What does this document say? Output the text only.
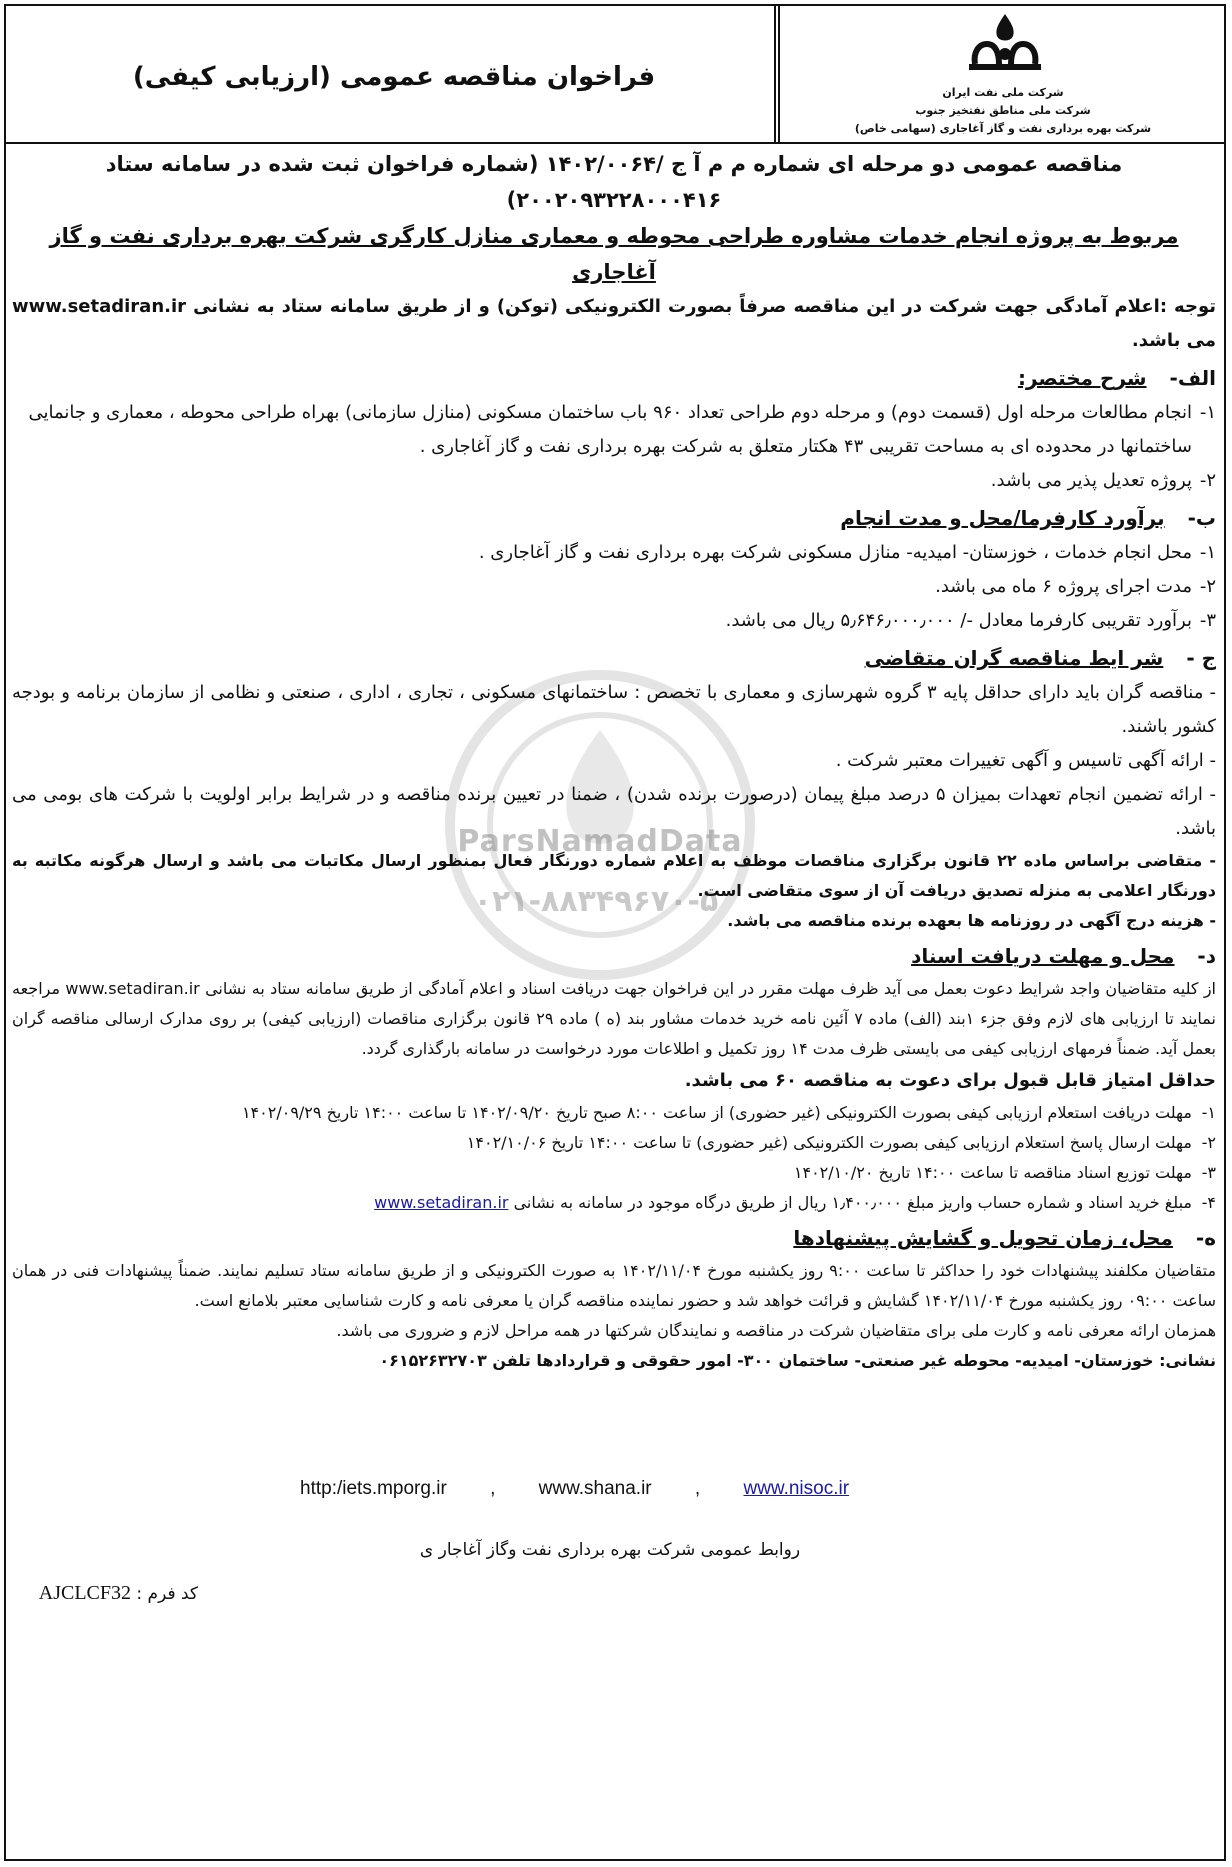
فراخوان مناقصه عمومی (ارزیابی کیفی)
شرکت ملی نفت ایران
شرکت ملی مناطق نفتخیز جنوب
شرکت بهره برداری نفت و گاز آغاجاری (سهامی خاص)
ParsNamadData
۰۲۱-۸۸۳۴۹۶۷۰-۵
مناقصه عمومی دو مرحله ای شماره م م آ ج /۱۴۰۲/۰۰۶۴ (شماره فراخوان ثبت شده در سامانه ستاد ۲۰۰۲۰۹۳۲۲۸۰۰۰۴۱۶)
مربوط به پروژه انجام خدمات مشاوره طراحی محوطه و معماری منازل کارگری شرکت بهره برداری نفت و گاز آغاجاری

توجه :اعلام آمادگی جهت شرکت در این مناقصه صرفاً بصورت الکترونیکی (توکن) و از طریق سامانه ستاد به نشانی www.setadiran.ir می باشد.

الف- شرح مختصر:
۱-
انجام مطالعات مرحله اول (قسمت دوم) و مرحله دوم طراحی تعداد ۹۶۰ باب ساختمان مسکونی (منازل سازمانی) بهراه طراحی محوطه ، معماری و جانمایی ساختمانها در محدوده ای به مساحت تقریبی ۴۳ هکتار متعلق به شرکت بهره برداری نفت و گاز آغاجاری .
۲-
پروژه تعدیل پذیر می باشد.
ب- برآورد کارفرما/محل و مدت انجام
۱-
محل انجام خدمات ، خوزستان- امیدیه- منازل مسکونی شرکت بهره برداری نفت و گاز آغاجاری .
۲-
مدت اجرای پروژه ۶ ماه می باشد.
۳-
برآورد تقریبی کارفرما معادل -/ ۵٫۶۴۶٫۰۰۰٫۰۰۰ ریال می باشد.
ج - شر ایط مناقصه گران متقاضی

- مناقصه گران باید دارای حداقل پایه ۳ گروه شهرسازی و معماری با تخصص : ساختمانهای مسکونی ، تجاری ، اداری ، صنعتی و نظامی از سازمان برنامه و بودجه کشور باشند.

- ارائه آگهی تاسیس و آگهی تغییرات معتبر شرکت .

- ارائه تضمین انجام تعهدات بمیزان ۵ درصد مبلغ پیمان (درصورت برنده شدن) ، ضمنا در تعیین برنده مناقصه و در شرایط برابر اولویت با شرکت های بومی می باشد.

- متقاضی براساس ماده ۲۲ قانون برگزاری مناقصات موظف به اعلام شماره دورنگار فعال بمنظور ارسال مکاتبات می باشد و ارسال هرگونه مکاتبه به دورنگار اعلامی به منزله تصدیق دریافت آن از سوی متقاضی است.

- هزینه درج آگهی در روزنامه ها بعهده برنده مناقصه می باشد.

د- محل و مهلت دریافت اسناد

از کلیه متقاضیان واجد شرایط دعوت بعمل می آید ظرف مهلت مقرر در این فراخوان جهت دریافت اسناد و اعلام آمادگی از طریق سامانه ستاد به نشانی www.setadiran.ir مراجعه نمایند تا ارزیابی های لازم وفق جزء ۱بند (الف) ماده ۷ آئین نامه خرید خدمات مشاور بند (ه ) ماده ۲۹ قانون برگزاری مناقصات (ارزیابی کیفی) بر روی مدارک ارسالی مناقصه گران بعمل آید. ضمناً فرمهای ارزیابی کیفی می بایستی ظرف مدت ۱۴ روز تکمیل و اطلاعات مورد درخواست در سامانه بارگذاری گردد.

حداقل امتیاز قابل قبول برای دعوت به مناقصه ۶۰ می باشد.

۱-
مهلت دریافت استعلام ارزیابی کیفی بصورت الکترونیکی (غیر حضوری) از ساعت ۸:۰۰ صبح تاریخ ۱۴۰۲/۰۹/۲۰ تا ساعت ۱۴:۰۰ تاریخ ۱۴۰۲/۰۹/۲۹
۲-
مهلت ارسال پاسخ استعلام ارزیابی کیفی بصورت الکترونیکی (غیر حضوری) تا ساعت ۱۴:۰۰ تاریخ ۱۴۰۲/۱۰/۰۶
۳-
مهلت توزیع اسناد مناقصه تا ساعت ۱۴:۰۰ تاریخ ۱۴۰۲/۱۰/۲۰
۴-
مبلغ خرید اسناد و شماره حساب واریز مبلغ ۱٫۴۰۰٫۰۰۰ ریال از طریق درگاه موجود در سامانه به نشانی www.setadiran.ir
ه- محل، زمان تحویل و گشایش پیشنهادها

متقاضیان مکلفند پیشنهادات خود را حداکثر تا ساعت ۹:۰۰ روز یکشنبه مورخ ۱۴۰۲/۱۱/۰۴ به صورت الکترونیکی و از طریق سامانه ستاد تسلیم نمایند. ضمناً پیشنهادات فنی در همان ساعت ۰۹:۰۰ روز یکشنبه مورخ ۱۴۰۲/۱۱/۰۴ گشایش و قرائت خواهد شد و حضور نماینده مناقصه گران یا معرفی نامه و کارت شناسایی معتبر بلامانع است.

همزمان ارائه معرفی نامه و کارت ملی برای متقاضیان شرکت در مناقصه و نمایندگان شرکتها در همه مراحل لازم و ضروری می باشد.

نشانی: خوزستان- امیدیه- محوطه غیر صنعتی- ساختمان ۳۰۰- امور حقوقی و قراردادها تلفن ۰۶۱۵۲۶۳۲۷۰۳

http:/iets.mporg.ir , www.shana.ir , www.nisoc.ir
روابط عمومی شرکت بهره برداری نفت وگاز آغاجار ی
کد فرم : AJCLCF32
